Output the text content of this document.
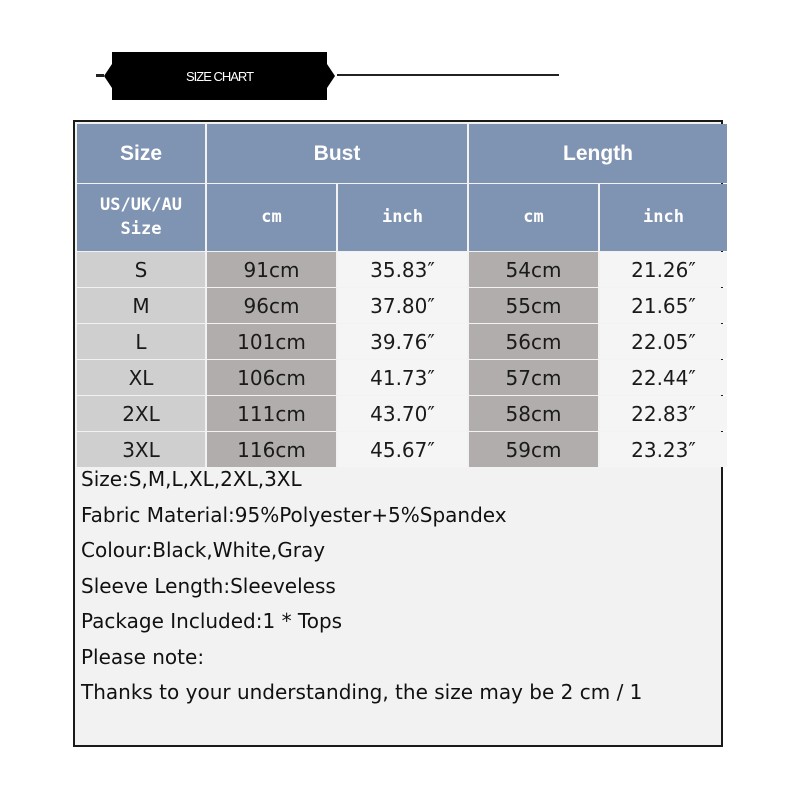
SIZE CHART
Size	Bust	Length
US/UK/AU
Size
cm	inch	cm	inch
S	91cm	35.83″	54cm	21.26″
M	96cm	37.80″	55cm	21.65″
L	101cm	39.76″	56cm	22.05″
XL	106cm	41.73″	57cm	22.44″
2XL	111cm	43.70″	58cm	22.83″
3XL	116cm	45.67″	59cm	23.23″
Size:S,M,L,XL,2XL,3XL
Fabric Material:95%Polyester+5%Spandex
Colour:Black,White,Gray
Sleeve Length:Sleeveless
Package Included:1 * Tops
Please note:
Thanks to your understanding, the size may be 2 cm / 1
